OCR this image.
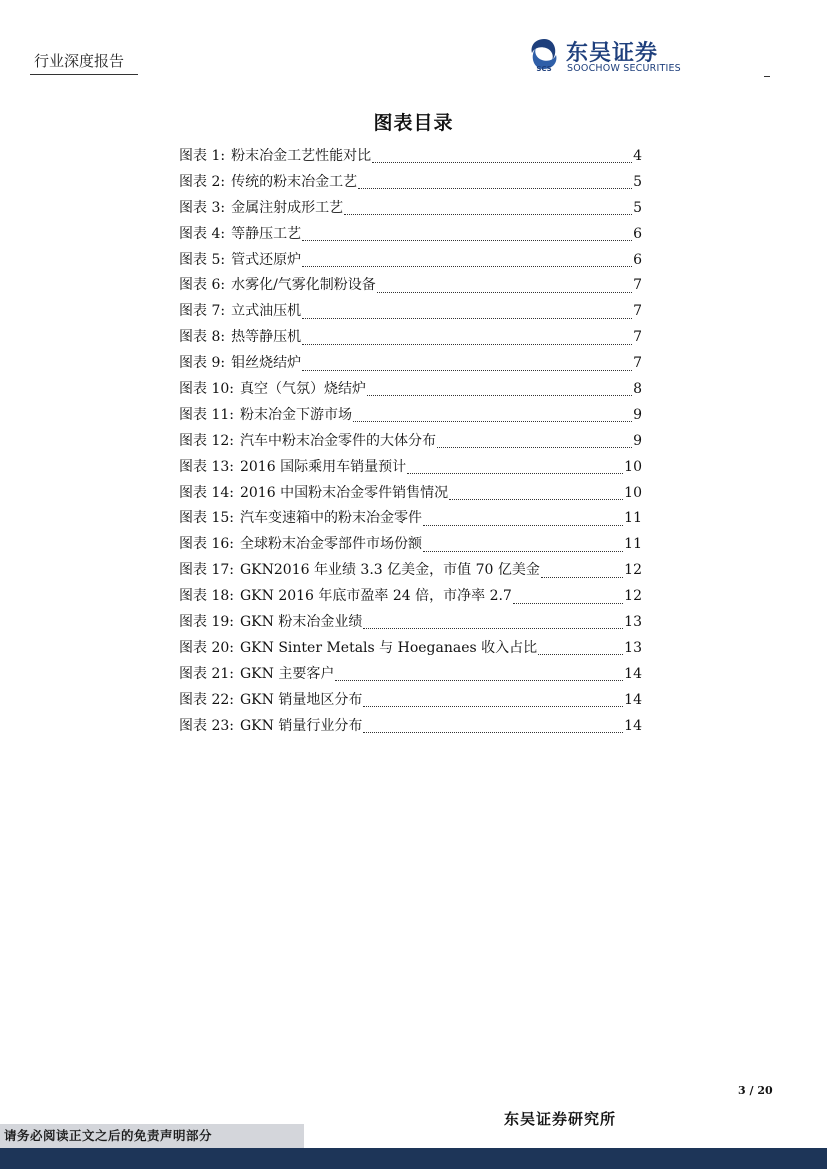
行业深度报告	SCS
东吴证券
SOOCHOW SECURITIES
图表目录
图表 1: 粉末冶金工艺性能对比	4
图表 2: 传统的粉末冶金工艺	5
图表 3: 金属注射成形工艺	5
图表 4: 等静压工艺	6
图表 5: 管式还原炉	6
图表 6: 水雾化/气雾化制粉设备	7
图表 7: 立式油压机	7
图表 8: 热等静压机	7
图表 9: 钼丝烧结炉	7
图表 10: 真空（气氛）烧结炉	8
图表 11: 粉末冶金下游市场	9
图表 12: 汽车中粉末冶金零件的大体分布	9
图表 13: 2016 国际乘用车销量预计	10
图表 14: 2016 中国粉末冶金零件销售情况	10
图表 15: 汽车变速箱中的粉末冶金零件	11
图表 16: 全球粉末冶金零部件市场份额	11
图表 17: GKN2016 年业绩 3.3 亿美金，市值 70 亿美金	12
图表 18: GKN 2016 年底市盈率 24 倍，市净率 2.7	12
图表 19: GKN 粉末冶金业绩	13
图表 20: GKN Sinter Metals 与 Hoeganaes 收入占比	13
图表 21: GKN 主要客户	14
图表 22: GKN 销量地区分布	14
图表 23: GKN 销量行业分布	14
3 / 20
东吴证券研究所
请务必阅读正文之后的免责声明部分
